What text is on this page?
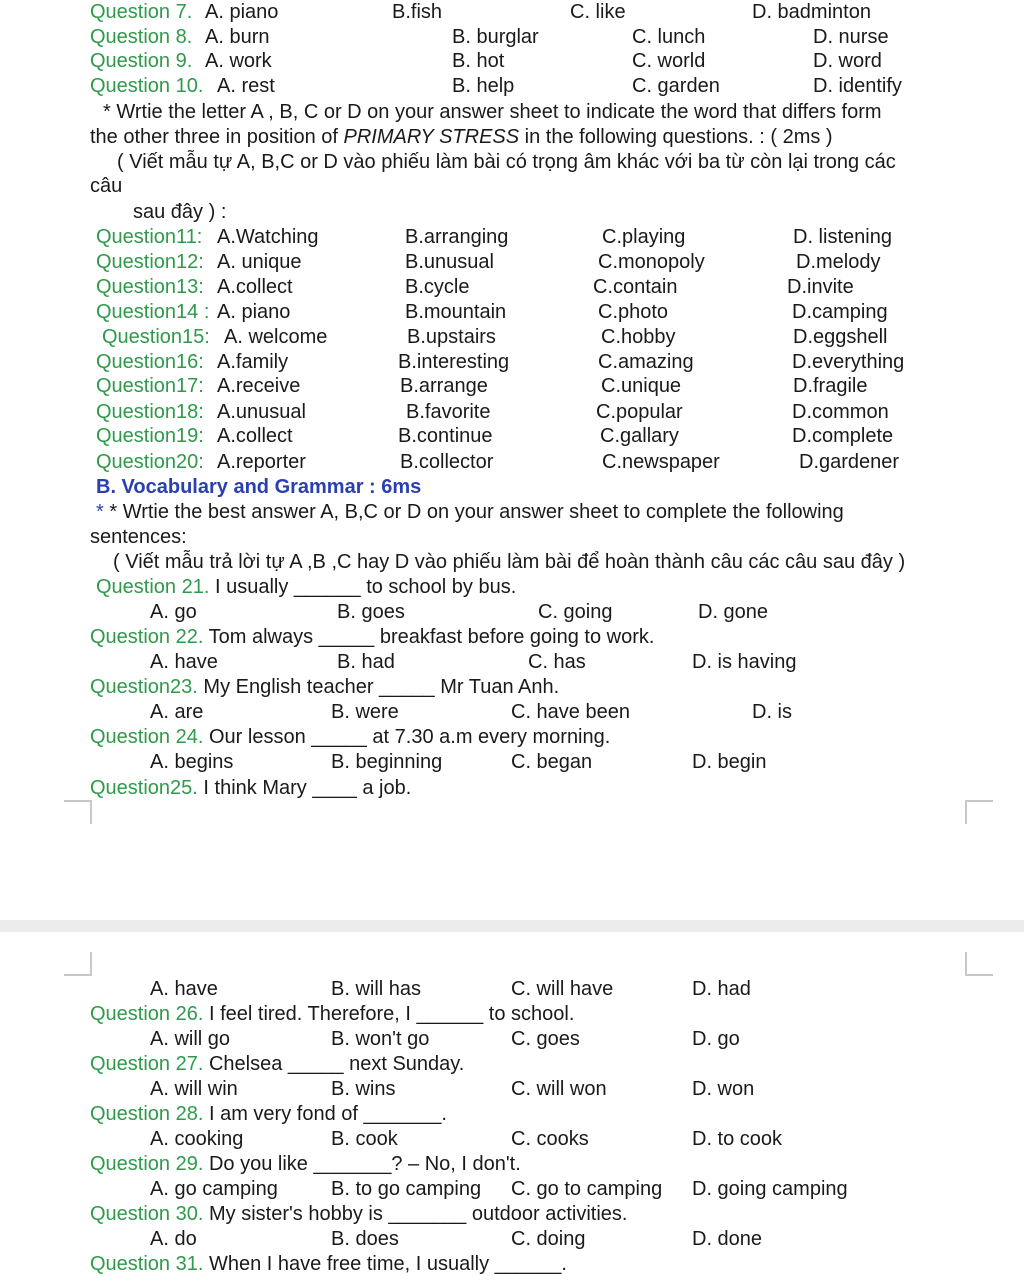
Question 7. A. piano	B.fish	C. like	D. badminton
Question 8. A. burn	B. burglar	C. lunch	D. nurse
Question 9. A. work	B. hot	C. world	D. word
Question 10. A. rest	B. help	C. garden	D. identify
* Wrtie the letter A , B, C or D on your answer sheet to indicate the word that differs form
the other three in position of PRIMARY STRESS in the following questions. : ( 2ms )
( Viết mẫu tự A, B,C or D vào phiếu làm bài có trọng âm khác với ba từ còn lại trong các
câu
sau đây ) :
Question11: A.Watching	B.arranging	C.playing	D. listening
Question12: A. unique	B.unusual	C.monopoly	D.melody
Question13: A.collect	B.cycle	C.contain	D.invite
Question14 : A. piano	B.mountain	C.photo	D.camping
Question15: A. welcome	B.upstairs	C.hobby	D.eggshell
Question16: A.family	B.interesting	C.amazing	D.everything
Question17: A.receive	B.arrange	C.unique	D.fragile
Question18: A.unusual	B.favorite	C.popular	D.common
Question19: A.collect	B.continue	C.gallary	D.complete
Question20: A.reporter	B.collector	C.newspaper	D.gardener
B. Vocabulary and Grammar : 6ms
* * Wrtie the best answer A, B,C or D on your answer sheet to complete the following
sentences:
( Viết mẫu trả lời tự A ,B ,C hay D vào phiếu làm bài để hoàn thành câu các câu sau đây )
Question 21. I usually ______ to school by bus.
A. go	B. goes	C. going	D. gone
Question 22. Tom always _____ breakfast before going to work.
A. have	B. had	C. has	D. is having
Question23. My English teacher _____ Mr Tuan Anh.
A. are	B. were	C. have been	D. is
Question 24. Our lesson _____ at 7.30 a.m every morning.
A. begins	B. beginning	C. began	D. begin
Question25. I think Mary ____ a job.
A. have	B. will has	C. will have	D. had
Question 26. I feel tired. Therefore, I ______ to school.
A. will go	B. won't go	C. goes	D. go
Question 27. Chelsea _____ next Sunday.
A. will win	B. wins	C. will won	D. won
Question 28. I am very fond of _______.
A. cooking	B. cook	C. cooks	D. to cook
Question 29. Do you like _______? – No, I don't.
A. go camping	B. to go camping C. go to camping D. going camping
Question 30. My sister's hobby is _______ outdoor activities.
A. do	B. does	C. doing	D. done
Question 31. When I have free time, I usually ______.
